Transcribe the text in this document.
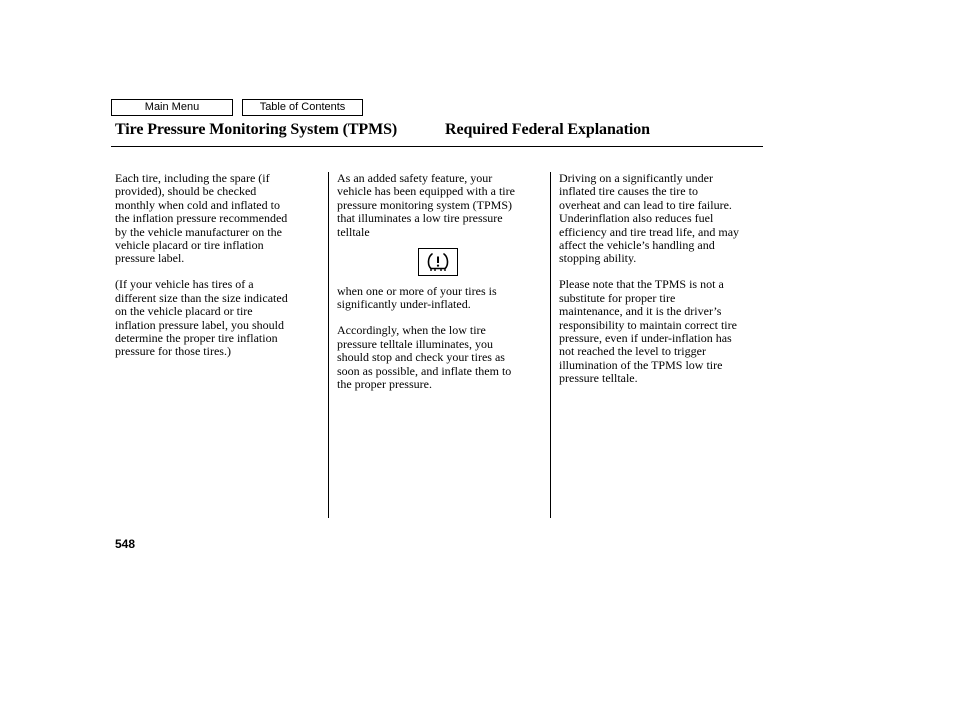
Main Menu	Table of Contents
Tire Pressure Monitoring System (TPMS)	Required Federal Explanation

Each tire, including the spare (if
provided), should be checked
monthly when cold and inflated to
the inflation pressure recommended
by the vehicle manufacturer on the
vehicle placard or tire inflation
pressure label.

(If your vehicle has tires of a
different size than the size indicated
on the vehicle placard or tire
inflation pressure label, you should
determine the proper tire inflation
pressure for those tires.)

As an added safety feature, your
vehicle has been equipped with a tire
pressure monitoring system (TPMS)
that illuminates a low tire pressure
telltale

when one or more of your tires is
significantly under-inflated.

Accordingly, when the low tire
pressure telltale illuminates, you
should stop and check your tires as
soon as possible, and inflate them to
the proper pressure.

Driving on a significantly under
inflated tire causes the tire to
overheat and can lead to tire failure.
Underinflation also reduces fuel
efficiency and tire tread life, and may
affect the vehicle’s handling and
stopping ability.

Please note that the TPMS is not a
substitute for proper tire
maintenance, and it is the driver’s
responsibility to maintain correct tire
pressure, even if under-inflation has
not reached the level to trigger
illumination of the TPMS low tire
pressure telltale.

548
